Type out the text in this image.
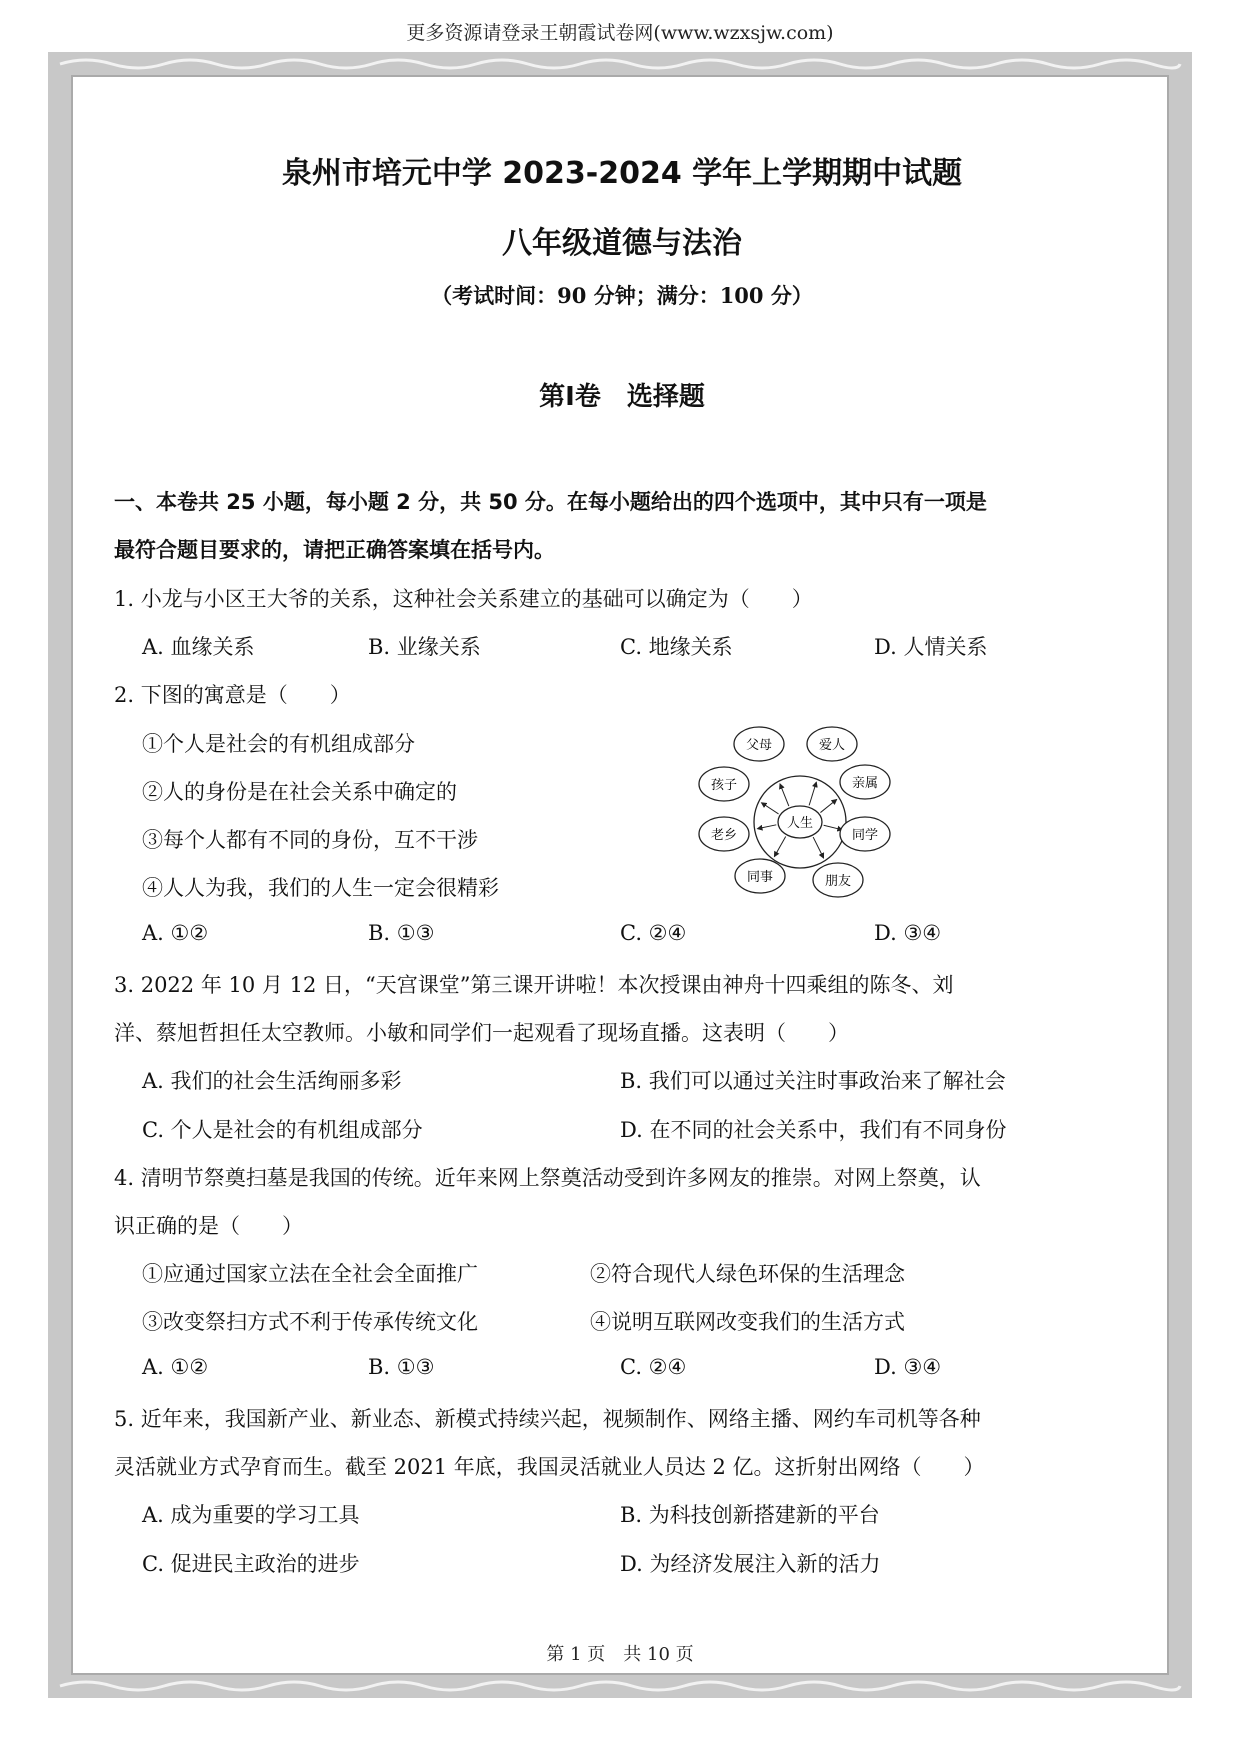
更多资源请登录王朝霞试卷网(www.wzxsjw.com)
泉州市培元中学 2023-2024 学年上学期期中试题
八年级道德与法治
（考试时间：90 分钟；满分：100 分）
第Ⅰ卷　选择题
一、本卷共 25 小题，每小题 2 分，共 50 分。在每小题给出的四个选项中，其中只有一项是
最符合题目要求的，请把正确答案填在括号内。
1. 小龙与小区王大爷的关系，这种社会关系建立的基础可以确定为（　　）
A. 血缘关系	B. 业缘关系	C. 地缘关系	D. 人情关系
2. 下图的寓意是（　　）
①个人是社会的有机组成部分
②人的身份是在社会关系中确定的
③每个人都有不同的身份，互不干涉
④人人为我，我们的人生一定会很精彩
A. ①②	B. ①③	C. ②④	D. ③④
3. 2022 年 10 月 12 日，“天宫课堂”第三课开讲啦！本次授课由神舟十四乘组的陈冬、刘
洋、蔡旭哲担任太空教师。小敏和同学们一起观看了现场直播。这表明（　　）
A. 我们的社会生活绚丽多彩	B. 我们可以通过关注时事政治来了解社会
C. 个人是社会的有机组成部分	D. 在不同的社会关系中，我们有不同身份
4. 清明节祭奠扫墓是我国的传统。近年来网上祭奠活动受到许多网友的推崇。对网上祭奠，认
识正确的是（　　）
①应通过国家立法在全社会全面推广	②符合现代人绿色环保的生活理念
③改变祭扫方式不利于传承传统文化	④说明互联网改变我们的生活方式
A. ①②	B. ①③	C. ②④	D. ③④
5. 近年来，我国新产业、新业态、新模式持续兴起，视频制作、网络主播、网约车司机等各种
灵活就业方式孕育而生。截至 2021 年底，我国灵活就业人员达 2 亿。这折射出网络（　　）
A. 成为重要的学习工具	B. 为科技创新搭建新的平台
C. 促进民主政治的进步	D. 为经济发展注入新的活力
人生
父母	爱人
亲属
同学
朋友
同事
老乡
孩子
第 1 页　共 10 页
